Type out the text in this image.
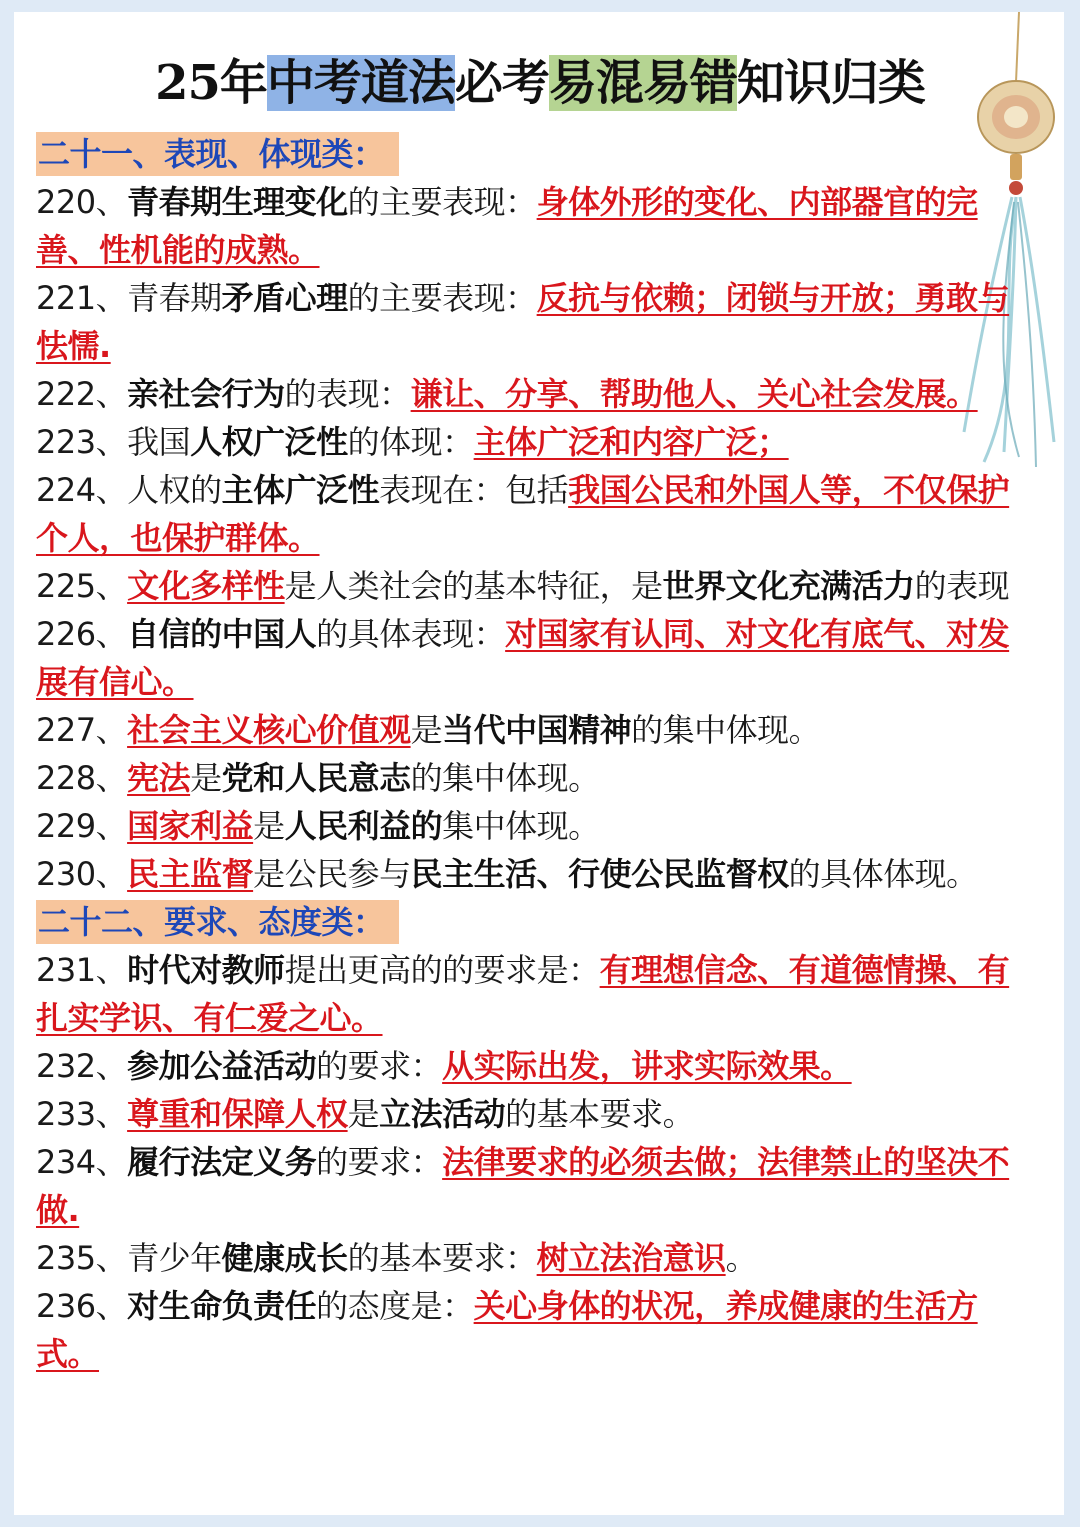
25年中考道法必考易混易错知识归类
二十一、表现、体现类：
220、青春期生理变化的主要表现：身体外形的变化、内部器官的完善、性机能的成熟。
221、青春期矛盾心理的主要表现：反抗与依赖；闭锁与开放；勇敢与怯懦.
222、亲社会行为的表现：谦让、分享、帮助他人、关心社会发展。
223、我国人权广泛性的体现：主体广泛和内容广泛；
224、人权的主体广泛性表现在：包括我国公民和外国人等，不仅保护个人，也保护群体。
225、文化多样性是人类社会的基本特征，是世界文化充满活力的表现
226、自信的中国人的具体表现：对国家有认同、对文化有底气、对发展有信心。
227、社会主义核心价值观是当代中国精神的集中体现。
228、宪法是党和人民意志的集中体现。
229、国家利益是人民利益的集中体现。
230、民主监督是公民参与民主生活、行使公民监督权的具体体现。
二十二、要求、态度类：
231、时代对教师提出更高的的要求是：有理想信念、有道德情操、有扎实学识、有仁爱之心。
232、参加公益活动的要求：从实际出发，讲求实际效果。
233、尊重和保障人权是立法活动的基本要求。
234、履行法定义务的要求：法律要求的必须去做；法律禁止的坚决不做.
235、青少年健康成长的基本要求：树立法治意识。
236、对生命负责任的态度是：关心身体的状况，养成健康的生活方式。
